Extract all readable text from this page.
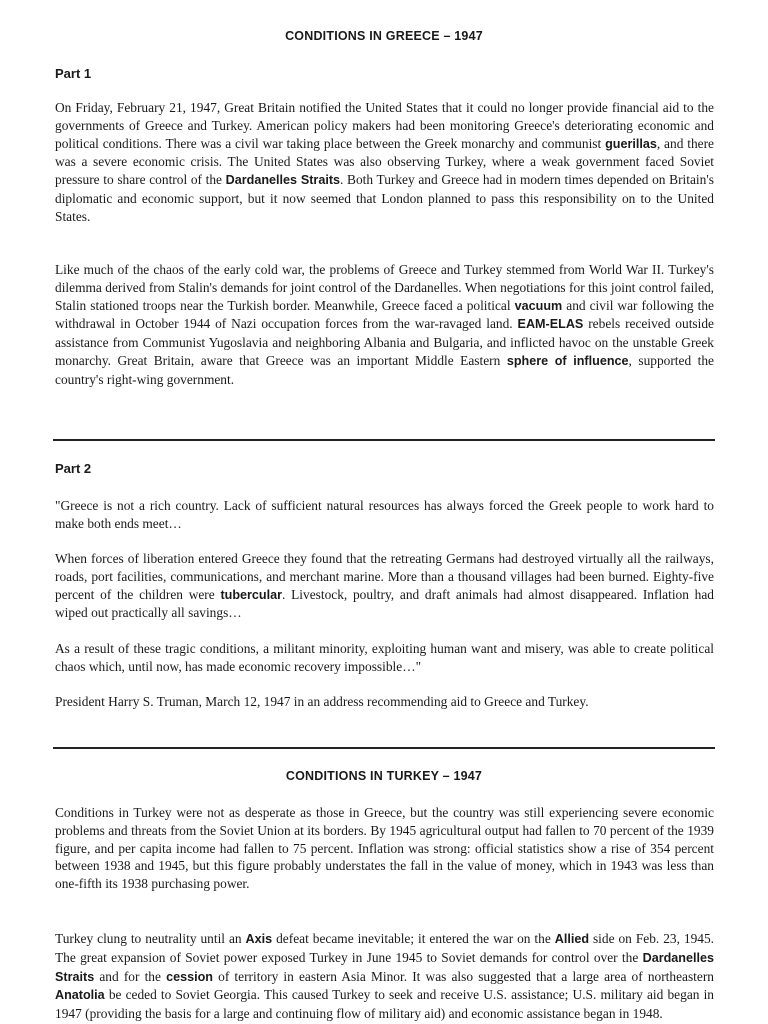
CONDITIONS IN GREECE – 1947
Part 1

On Friday, February 21, 1947, Great Britain notified the United States that it could no longer provide financial aid to the governments of Greece and Turkey. American policy makers had been monitoring Greece's deteriorating economic and political conditions. There was a civil war taking place between the Greek monarchy and communist guerillas, and there was a severe economic crisis. The United States was also observing Turkey, where a weak government faced Soviet pressure to share control of the Dardanelles Straits. Both Turkey and Greece had in modern times depended on Britain's diplomatic and economic support, but it now seemed that London planned to pass this responsibility on to the United States.

Like much of the chaos of the early cold war, the problems of Greece and Turkey stemmed from World War II. Turkey's dilemma derived from Stalin's demands for joint control of the Dardanelles. When negotiations for this joint control failed, Stalin stationed troops near the Turkish border. Meanwhile, Greece faced a political vacuum and civil war following the withdrawal in October 1944 of Nazi occupation forces from the war-ravaged land. EAM-ELAS rebels received outside assistance from Communist Yugoslavia and neighboring Albania and Bulgaria, and inflicted havoc on the unstable Greek monarchy. Great Britain, aware that Greece was an important Middle Eastern sphere of influence, supported the country's right-wing government.

Part 2

"Greece is not a rich country. Lack of sufficient natural resources has always forced the Greek people to work hard to make both ends meet…

When forces of liberation entered Greece they found that the retreating Germans had destroyed virtually all the railways, roads, port facilities, communications, and merchant marine. More than a thousand villages had been burned. Eighty-five percent of the children were tubercular. Livestock, poultry, and draft animals had almost disappeared. Inflation had wiped out practically all savings…

As a result of these tragic conditions, a militant minority, exploiting human want and misery, was able to create political chaos which, until now, has made economic recovery impossible…"

President Harry S. Truman, March 12, 1947 in an address recommending aid to Greece and Turkey.

CONDITIONS IN TURKEY – 1947

Conditions in Turkey were not as desperate as those in Greece, but the country was still experiencing severe economic problems and threats from the Soviet Union at its borders. By 1945 agricultural output had fallen to 70 percent of the 1939 figure, and per capita income had fallen to 75 percent. Inflation was strong: official statistics show a rise of 354 percent between 1938 and 1945, but this figure probably understates the fall in the value of money, which in 1943 was less than one-fifth its 1938 purchasing power.

Turkey clung to neutrality until an Axis defeat became inevitable; it entered the war on the Allied side on Feb. 23, 1945. The great expansion of Soviet power exposed Turkey in June 1945 to Soviet demands for control over the Dardanelles Straits and for the cession of territory in eastern Asia Minor. It was also suggested that a large area of northeastern Anatolia be ceded to Soviet Georgia. This caused Turkey to seek and receive U.S. assistance; U.S. military aid began in 1947 (providing the basis for a large and continuing flow of military aid) and economic assistance began in 1948.
